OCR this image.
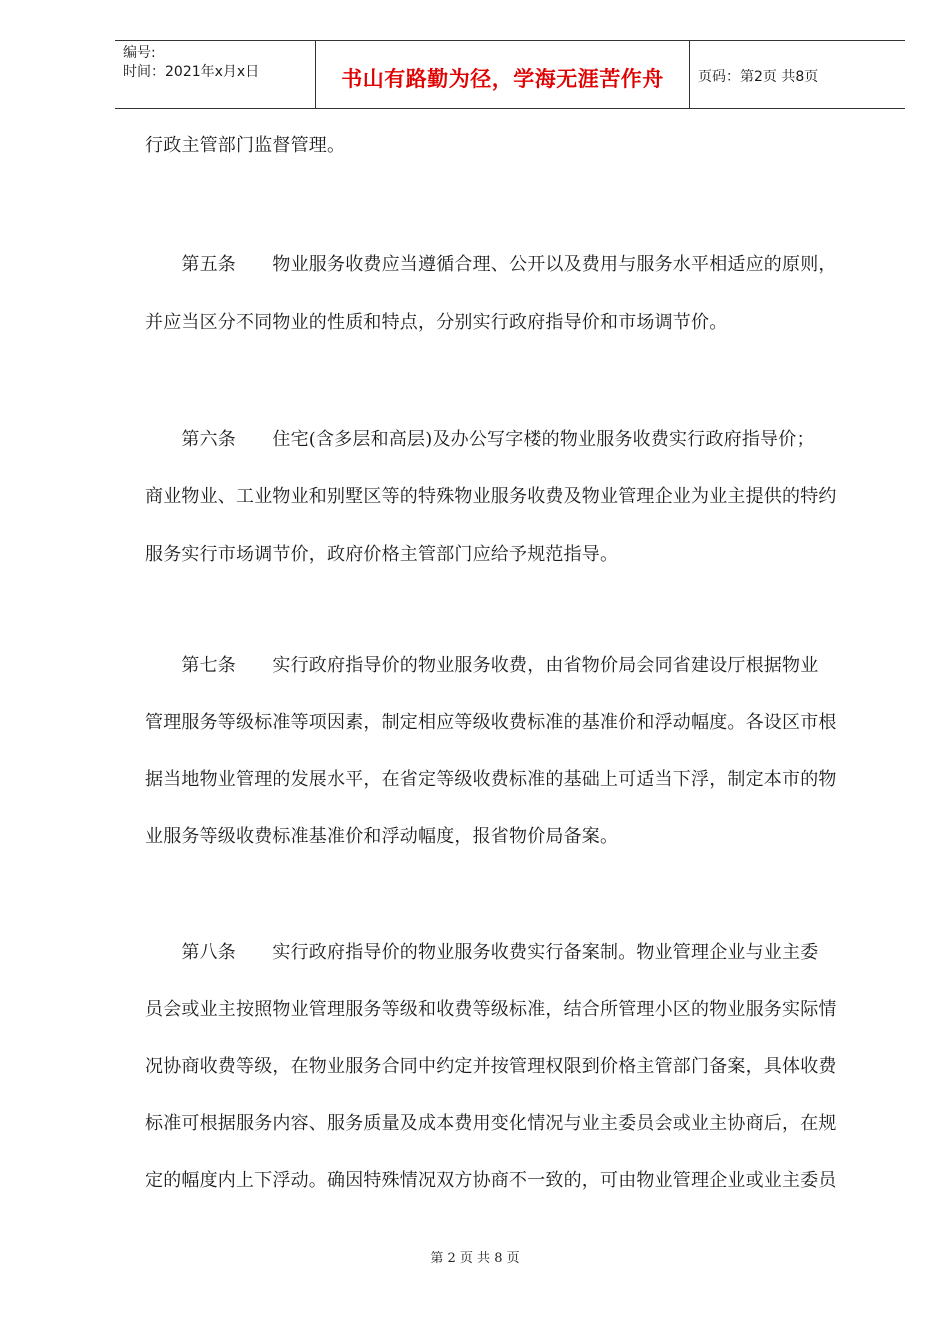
编号:
时间：2021年x月x日	书山有路勤为径，学海无涯苦作舟	页码：第2页 共8页
行政主管部门监督管理。
　　第五条　　物业服务收费应当遵循合理、公开以及费用与服务水平相适应的原则，
并应当区分不同物业的性质和特点，分别实行政府指导价和市场调节价。
　　第六条　　住宅(含多层和高层)及办公写字楼的物业服务收费实行政府指导价；
商业物业、工业物业和别墅区等的特殊物业服务收费及物业管理企业为业主提供的特约
服务实行市场调节价，政府价格主管部门应给予规范指导。
　　第七条　　实行政府指导价的物业服务收费，由省物价局会同省建设厅根据物业
管理服务等级标准等项因素，制定相应等级收费标准的基准价和浮动幅度。各设区市根
据当地物业管理的发展水平，在省定等级收费标准的基础上可适当下浮，制定本市的物
业服务等级收费标准基准价和浮动幅度，报省物价局备案。
　　第八条　　实行政府指导价的物业服务收费实行备案制。物业管理企业与业主委
员会或业主按照物业管理服务等级和收费等级标准，结合所管理小区的物业服务实际情
况协商收费等级，在物业服务合同中约定并按管理权限到价格主管部门备案，具体收费
标准可根据服务内容、服务质量及成本费用变化情况与业主委员会或业主协商后，在规
定的幅度内上下浮动。确因特殊情况双方协商不一致的，可由物业管理企业或业主委员
第 2 页 共 8 页
